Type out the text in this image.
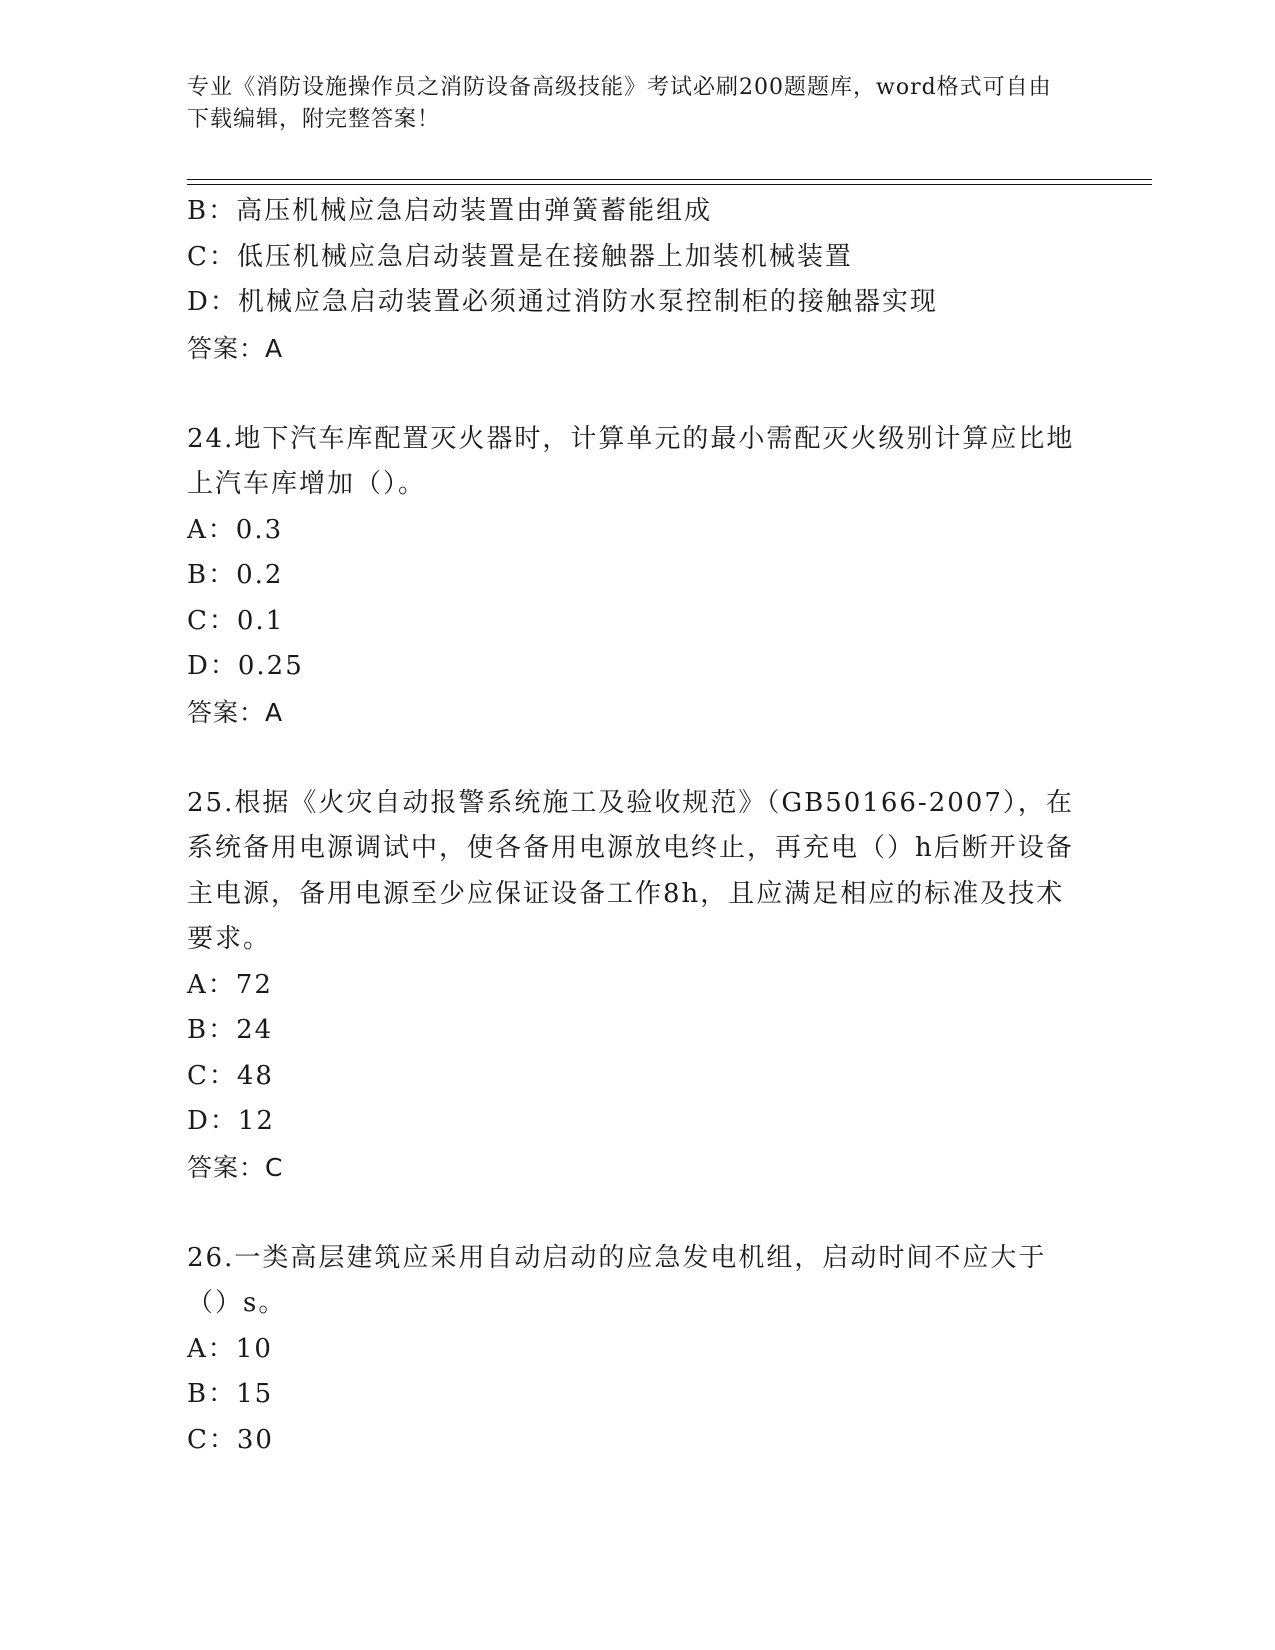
专业《消防设施操作员之消防设备高级技能》考试必刷200题题库，word格式可自由下载编辑，附完整答案！
B：高压机械应急启动装置由弹簧蓄能组成
C：低压机械应急启动装置是在接触器上加装机械装置
D：机械应急启动装置必须通过消防水泵控制柜的接触器实现
答案：A
24.地下汽车库配置灭火器时，计算单元的最小需配灭火级别计算应比地上汽车库增加（）。
A：0.3
B：0.2
C：0.1
D：0.25
答案：A
25.根据《火灾自动报警系统施工及验收规范》（GB50166-2007），在系统备用电源调试中，使各备用电源放电终止，再充电（）h后断开设备主电源，备用电源至少应保证设备工作8h，且应满足相应的标准及技术要求。
A：72
B：24
C：48
D：12
答案：C
26.一类高层建筑应采用自动启动的应急发电机组，启动时间不应大于（）s。
A：10
B：15
C：30
